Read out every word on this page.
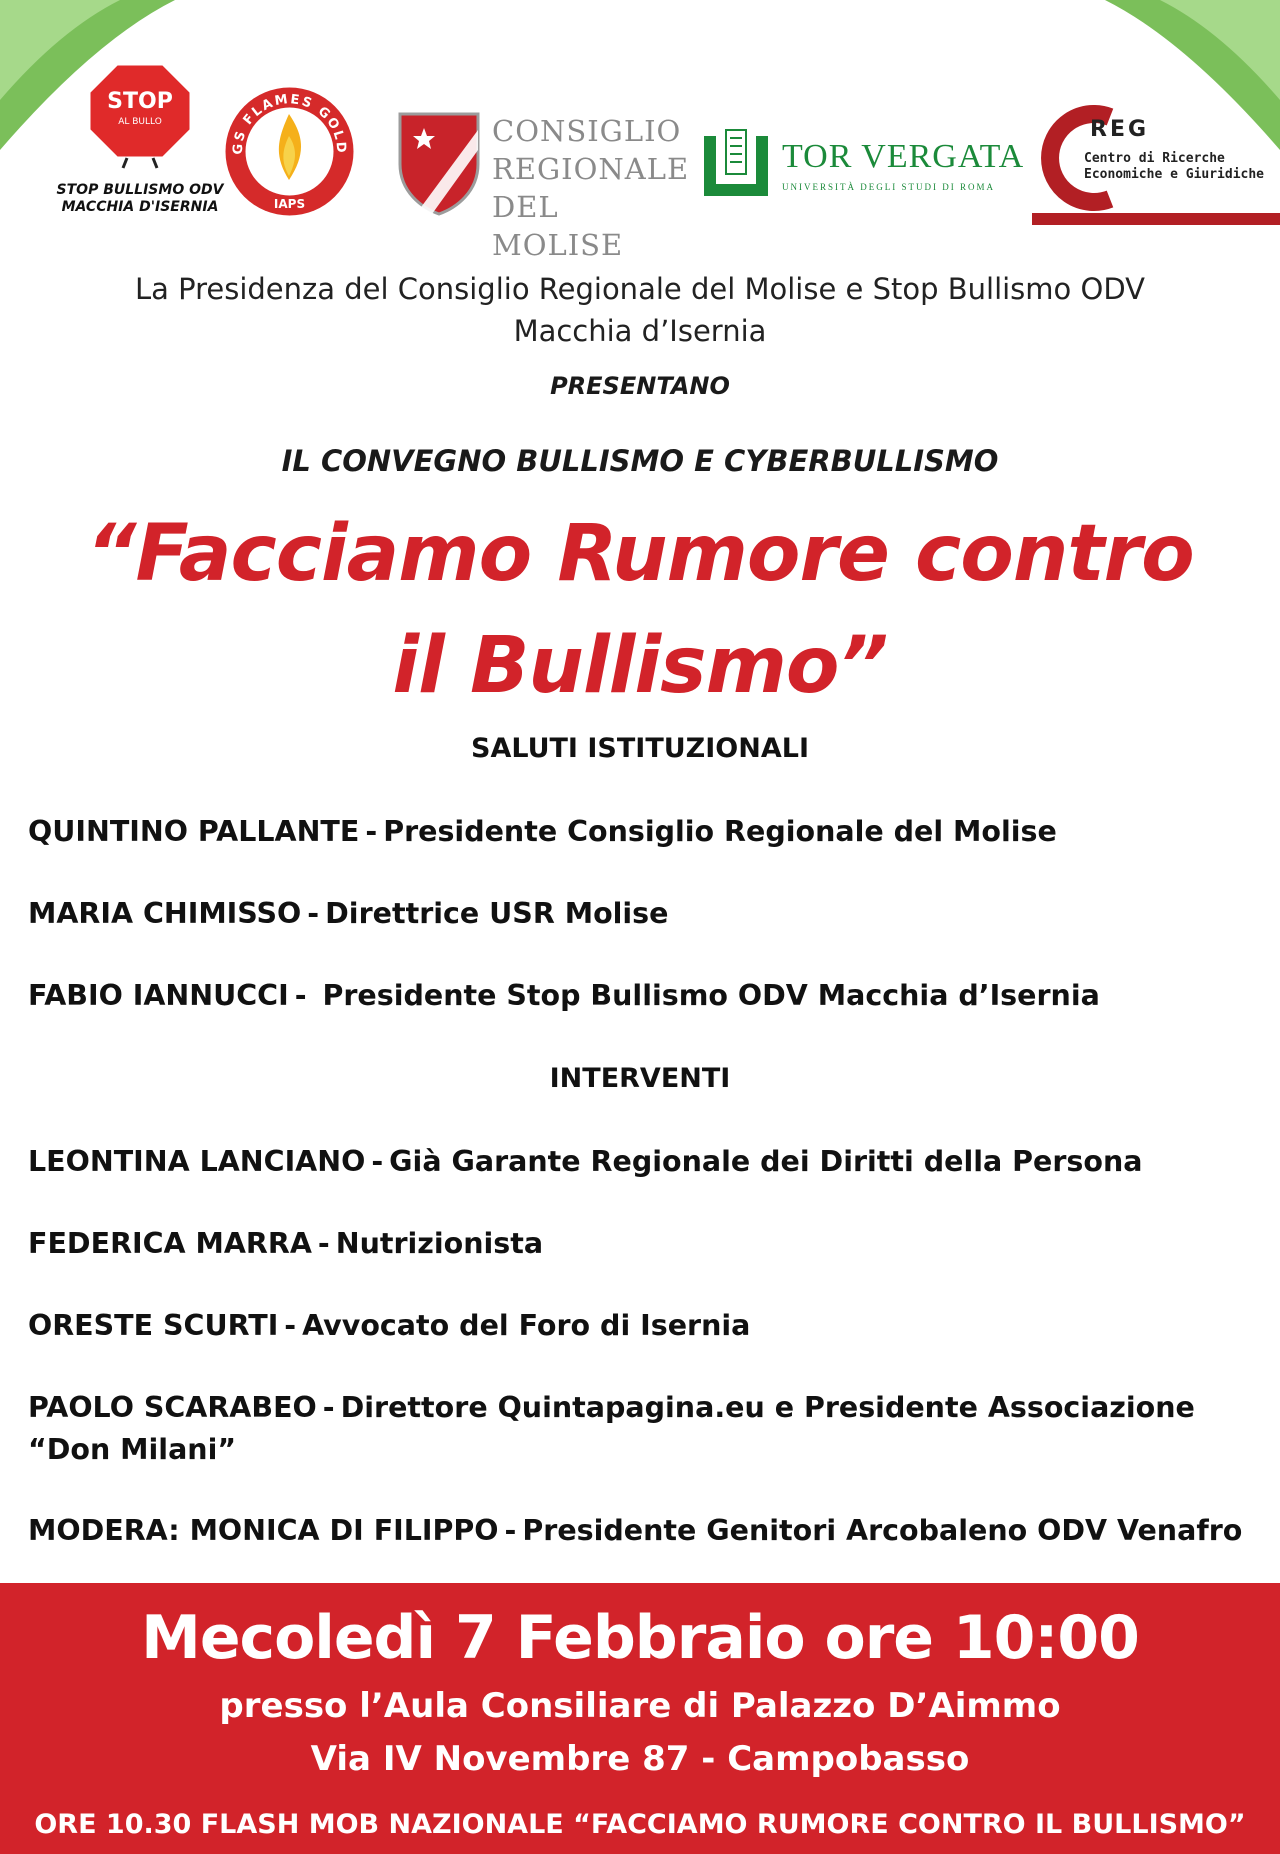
STOP
AL BULLO
STOP BULLISMO ODV
MACCHIA D'ISERNIA
GS FLAMES GOLD
IAPS
CONSIGLIO
REGIONALE
DEL MOLISE
TOR VERGATA
UNIVERSITÀ DEGLI STUDI DI ROMA
REG
Centro di Ricerche
Economiche e Giuridiche
La Presidenza del Consiglio Regionale del Molise e Stop Bullismo ODV
Macchia d’Isernia
PRESENTANO
IL CONVEGNO BULLISMO E CYBERBULLISMO
“Facciamo Rumore contro
il Bullismo”
SALUTI ISTITUZIONALI
QUINTINO PALLANTE - Presidente Consiglio Regionale del Molise
MARIA CHIMISSO - Direttrice USR Molise
FABIO IANNUCCI - Presidente Stop Bullismo ODV Macchia d’Isernia
INTERVENTI
LEONTINA LANCIANO - Già Garante Regionale dei Diritti della Persona
FEDERICA MARRA - Nutrizionista
ORESTE SCURTI - Avvocato del Foro di Isernia
PAOLO SCARABEO - Direttore Quintapagina.eu e Presidente Associazione “Don Milani”
MODERA: MONICA DI FILIPPO - Presidente Genitori Arcobaleno ODV Venafro
Mecoledì 7 Febbraio ore 10:00
presso l’Aula Consiliare di Palazzo D’Aimmo
Via IV Novembre 87 - Campobasso
ORE 10.30 FLASH MOB NAZIONALE “FACCIAMO RUMORE CONTRO IL BULLISMO”
